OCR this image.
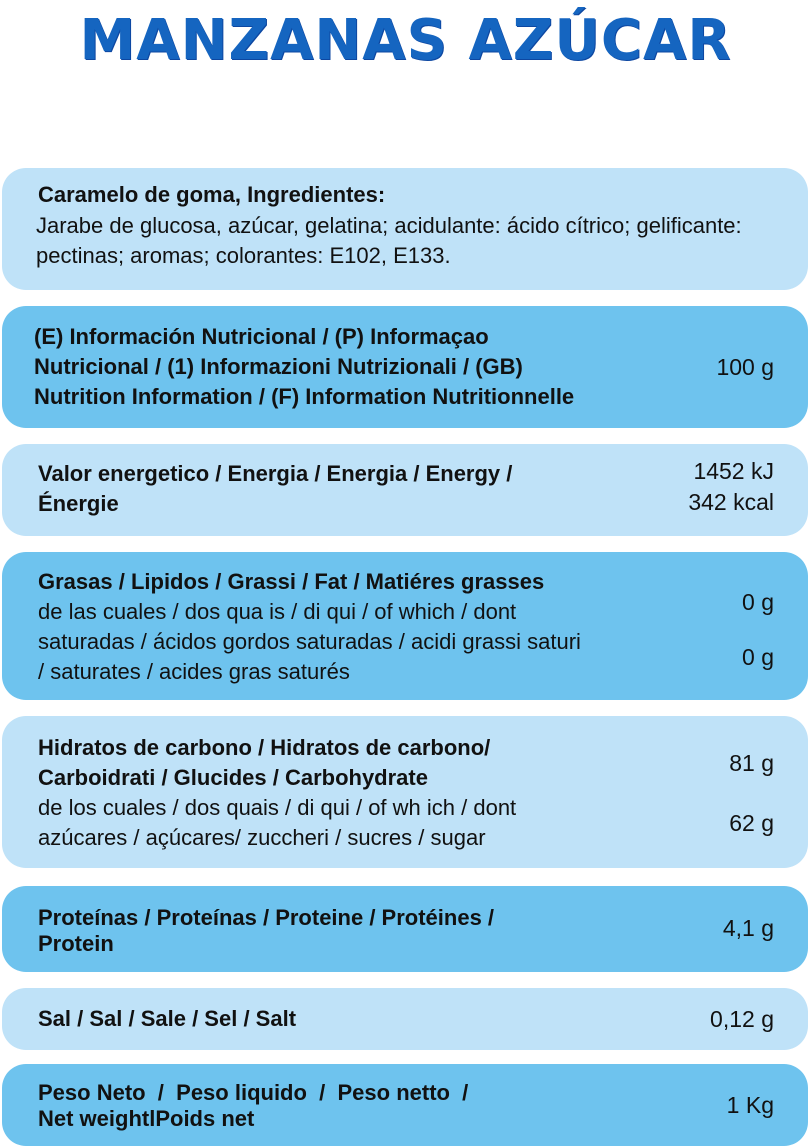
MANZANAS AZÚCAR
Caramelo de goma, Ingredientes:
Jarabe de glucosa, azúcar, gelatina; acidulante: ácido cítrico; gelificante:
pectinas; aromas; colorantes: E102, E133.
(E) Información Nutricional / (P) Informaçao
Nutricional / (1) Informazioni Nutrizionali / (GB)
Nutrition Information / (F) Information Nutritionnelle
100 g
Valor energetico / Energia / Energia / Energy /
Énergie
1452 kJ
342 kcal
Grasas / Lipidos / Grassi / Fat / Matiéres grasses
de las cuales / dos qua is / di qui / of which / dont
saturadas / ácidos gordos saturadas / acidi grassi saturi
/ saturates / acides gras saturés
0 g
0 g
Hidratos de carbono / Hidratos de carbono/
Carboidrati / Glucides / Carbohydrate
de los cuales / dos quais / di qui / of wh ich / dont
azúcares / açúcares/ zuccheri / sucres / sugar
81 g
62 g
Proteínas / Proteínas / Proteine / Protéines /
Protein
4,1 g
Sal / Sal / Sale / Sel / Salt	0,12 g
Peso Neto  /  Peso liquido  /  Peso netto  /
Net weightlPoids net
1 Kg
